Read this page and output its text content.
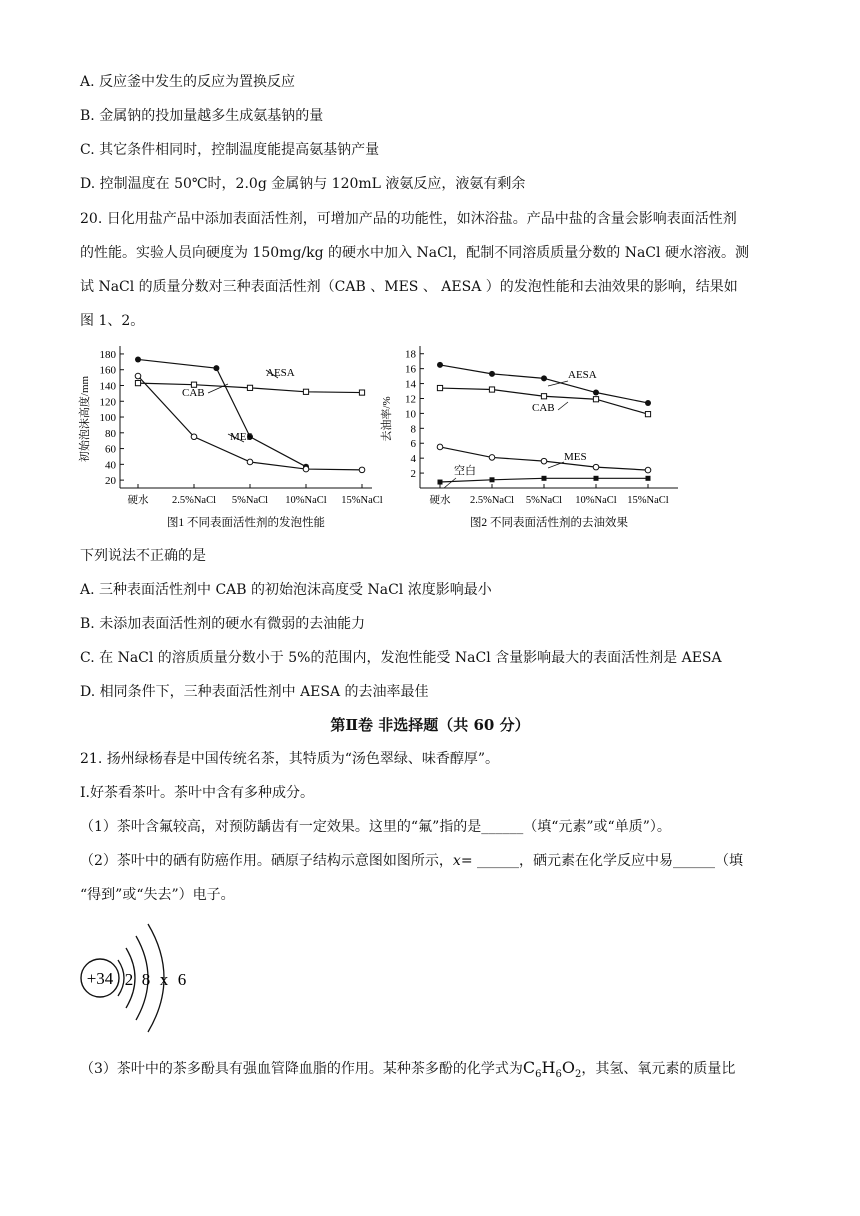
A. 反应釜中发生的反应为置换反应
B. 金属钠的投加量越多生成氨基钠的量
C. 其它条件相同时，控制温度能提高氨基钠产量
D. 控制温度在 50℃时，2.0g 金属钠与 120mL 液氨反应，液氨有剩余
20. 日化用盐产品中添加表面活性剂，可增加产品的功能性，如沐浴盐。产品中盐的含量会影响表面活性剂
的性能。实验人员向硬度为 150mg/kg 的硬水中加入 NaCl，配制不同溶质质量分数的 NaCl 硬水溶液。测
试 NaCl 的质量分数对三种表面活性剂（CAB 、MES 、 AESA ）的发泡性能和去油效果的影响，结果如
图 1、2。
20
40
60
80
100
120
140
160
180
硬水 2.5%NaCl 5%NaCl 10%NaCl 15%NaCl
初始泡沫高度/mm
AESA
CAB
MES
图1 不同表面活性剂的发泡性能
2
4
6
8
10
12
14
16
18
硬水 2.5%NaCl 5%NaCl 10%NaCl 15%NaCl
去油率/%
AESA
CAB
MES
空白
图2 不同表面活性剂的去油效果
下列说法不正确的是
A. 三种表面活性剂中 CAB 的初始泡沫高度受 NaCl 浓度影响最小
B. 未添加表面活性剂的硬水有微弱的去油能力
C. 在 NaCl 的溶质质量分数小于 5%的范围内，发泡性能受 NaCl 含量影响最大的表面活性剂是 AESA
D. 相同条件下，三种表面活性剂中 AESA 的去油率最佳
第Ⅱ卷 非选择题（共 60 分）
21. 扬州绿杨春是中国传统名茶，其特质为“汤色翠绿、味香醇厚”。
I.好茶看茶叶。茶叶中含有多种成分。
（1）茶叶含氟较高，对预防龋齿有一定效果。这里的“氟”指的是______（填“元素”或“单质”）。
（2）茶叶中的硒有防癌作用。硒原子结构示意图如图所示，x= ______，硒元素在化学反应中易______（填
“得到”或“失去”）电子。
+34 2 8 x 6
（3）茶叶中的茶多酚具有强血管降血脂的作用。某种茶多酚的化学式为$C_6H_6O_2$，其氢、氧元素的质量比
